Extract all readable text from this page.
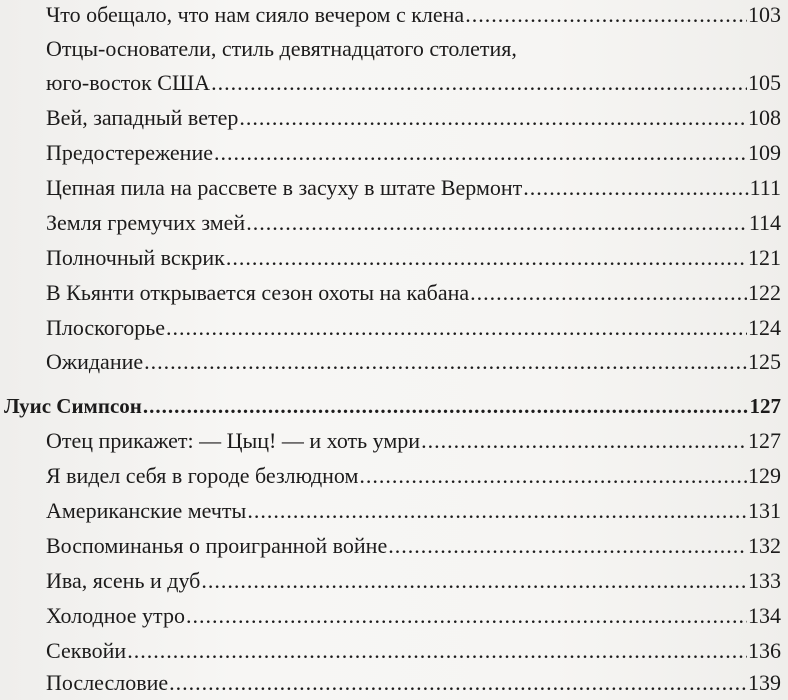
Что обещало, что нам сияло вечером с клена .....	103
Отцы-основатели, стиль девятнадцатого столетия,
юго-восток США .....	105
Вей, западный ветер .....	108
Предостережение .....	109
Цепная пила на рассвете в засуху в штате Вермонт .....	111
Земля гремучих змей .....	114
Полночный вскрик .....	121
В Кьянти открывается сезон охоты на кабана .....	122
Плоскогорье .....	124
Ожидание .....	125
Луис Симпсон .....	127
Отец прикажет: — Цыц! — и хоть умри .....	127
Я видел себя в городе безлюдном .....	129
Американские мечты .....	131
Воспоминанья о проигранной войне .....	132
Ива, ясень и дуб .....	133
Холодное утро .....	134
Секвойи .....	136
Послесловие .....	139
